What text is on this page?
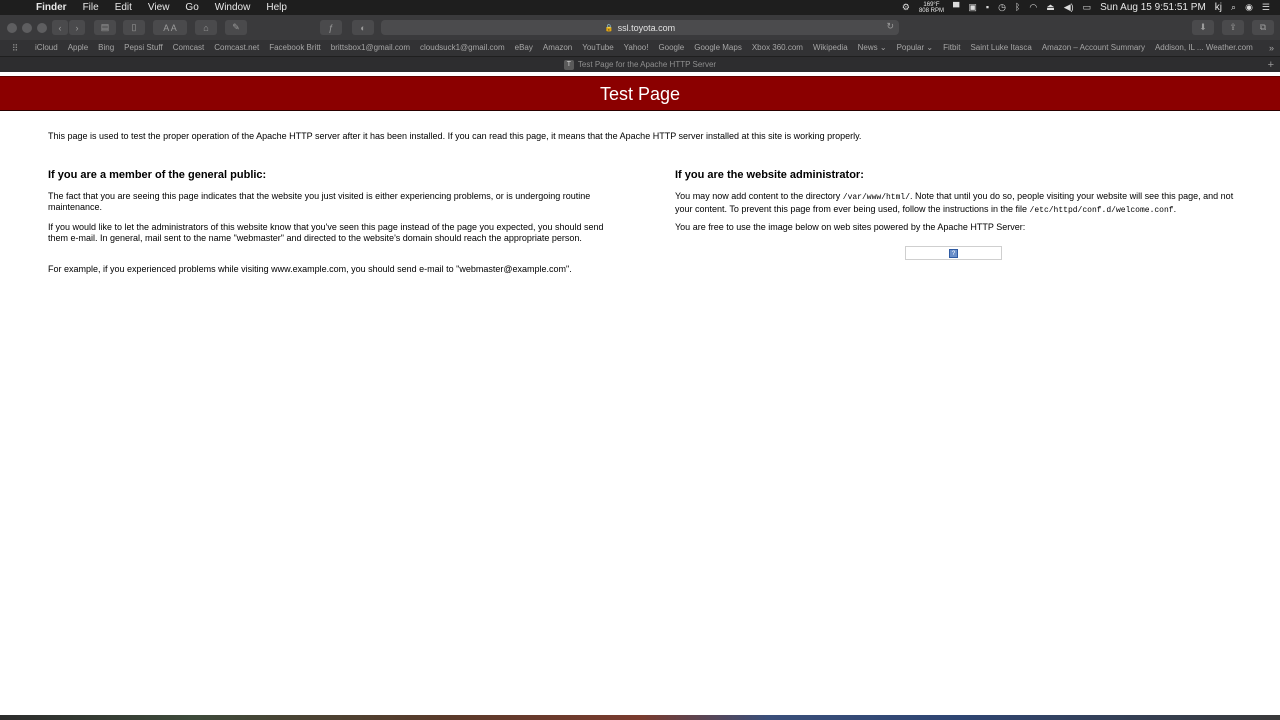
Finder	File	Edit	View	Go	Window	Help	⚙	169°F
808 RPM ▀ ▣ ▪ ◷ ᛒ ◠ ⏏ ◀) ▭ Sun Aug 15 9:51:51 PM kj ⌕ ◉ ☰
‹ › ▤ ▯	A A	⌂	✎	ƒ	◐	🔒 ssl.toyota.com	↻	⬇ ⇪	⧉
⠿	iCloud	Apple	Bing	Pepsi Stuff	Comcast	Comcast.net	Facebook Britt	brittsbox1@gmail.com	cloudsuck1@gmail.com	eBay	Amazon	YouTube	Yahoo!	Google	Google Maps	Xbox 360.com	Wikipedia	News ⌄	Popular ⌄	Fitbit	Saint Luke Itasca	Amazon – Account Summary	Addison, IL ... Weather.com	»
T Test Page for the Apache HTTP Server	+
Test Page

This page is used to test the proper operation of the Apache HTTP server after it has been installed. If you can read this page, it means that the Apache HTTP server installed at this site is working properly.

If you are a member of the general public:

The fact that you are seeing this page indicates that the website you just visited is either experiencing problems, or is undergoing routine maintenance.

If you would like to let the administrators of this website know that you've seen this page instead of the page you expected, you should send them e-mail. In general, mail sent to the name "webmaster" and directed to the website's domain should reach the appropriate person.

For example, if you experienced problems while visiting www.example.com, you should send e-mail to "webmaster@example.com".

If you are the website administrator:

You may now add content to the directory /var/www/html/. Note that until you do so, people visiting your website will see this page, and not your content. To prevent this page from ever being used, follow the instructions in the file /etc/httpd/conf.d/welcome.conf.

You are free to use the image below on web sites powered by the Apache HTTP Server:

?
